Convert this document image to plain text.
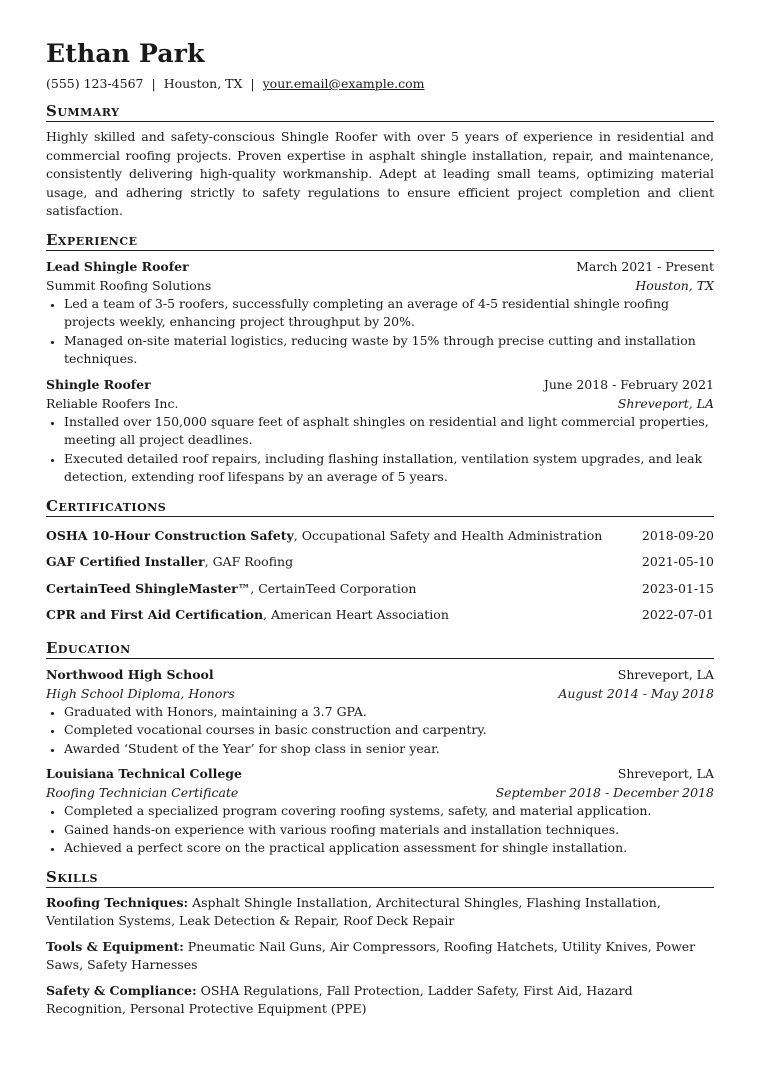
Ethan Park
(555) 123-4567 | Houston, TX | your.email@example.com
Summary

Highly skilled and safety-conscious Shingle Roofer with over 5 years of experience in residential and commercial roofing projects. Proven expertise in asphalt shingle installation, repair, and maintenance, consistently delivering high-quality workmanship. Adept at leading small teams, optimizing material usage, and adhering strictly to safety regulations to ensure efficient project completion and client satisfaction.

Experience
Lead Shingle Roofer	March 2021 - Present
Summit Roofing Solutions	Houston, TX
• Led a team of 3-5 roofers, successfully completing an average of 4-5 residential shingle roofing projects weekly, enhancing project throughput by 20%.
• Managed on-site material logistics, reducing waste by 15% through precise cutting and installation techniques.
Shingle Roofer	June 2018 - February 2021
Reliable Roofers Inc.	Shreveport, LA
• Installed over 150,000 square feet of asphalt shingles on residential and light commercial properties, meeting all project deadlines.
• Executed detailed roof repairs, including flashing installation, ventilation system upgrades, and leak detection, extending roof lifespans by an average of 5 years.
Certifications
OSHA 10-Hour Construction Safety, Occupational Safety and Health Administration	2018-09-20
GAF Certified Installer, GAF Roofing	2021-05-10
CertainTeed ShingleMaster™, CertainTeed Corporation	2023-01-15
CPR and First Aid Certification, American Heart Association	2022-07-01
Education
Northwood High School	Shreveport, LA
High School Diploma, Honors	August 2014 - May 2018
• Graduated with Honors, maintaining a 3.7 GPA.
• Completed vocational courses in basic construction and carpentry.
• Awarded ‘Student of the Year’ for shop class in senior year.
Louisiana Technical College	Shreveport, LA
Roofing Technician Certificate	September 2018 - December 2018
• Completed a specialized program covering roofing systems, safety, and material application.
• Gained hands-on experience with various roofing materials and installation techniques.
• Achieved a perfect score on the practical application assessment for shingle installation.
Skills
Roofing Techniques: Asphalt Shingle Installation, Architectural Shingles, Flashing Installation, Ventilation Systems, Leak Detection & Repair, Roof Deck Repair
Tools & Equipment: Pneumatic Nail Guns, Air Compressors, Roofing Hatchets, Utility Knives, Power Saws, Safety Harnesses
Safety & Compliance: OSHA Regulations, Fall Protection, Ladder Safety, First Aid, Hazard Recognition, Personal Protective Equipment (PPE)
